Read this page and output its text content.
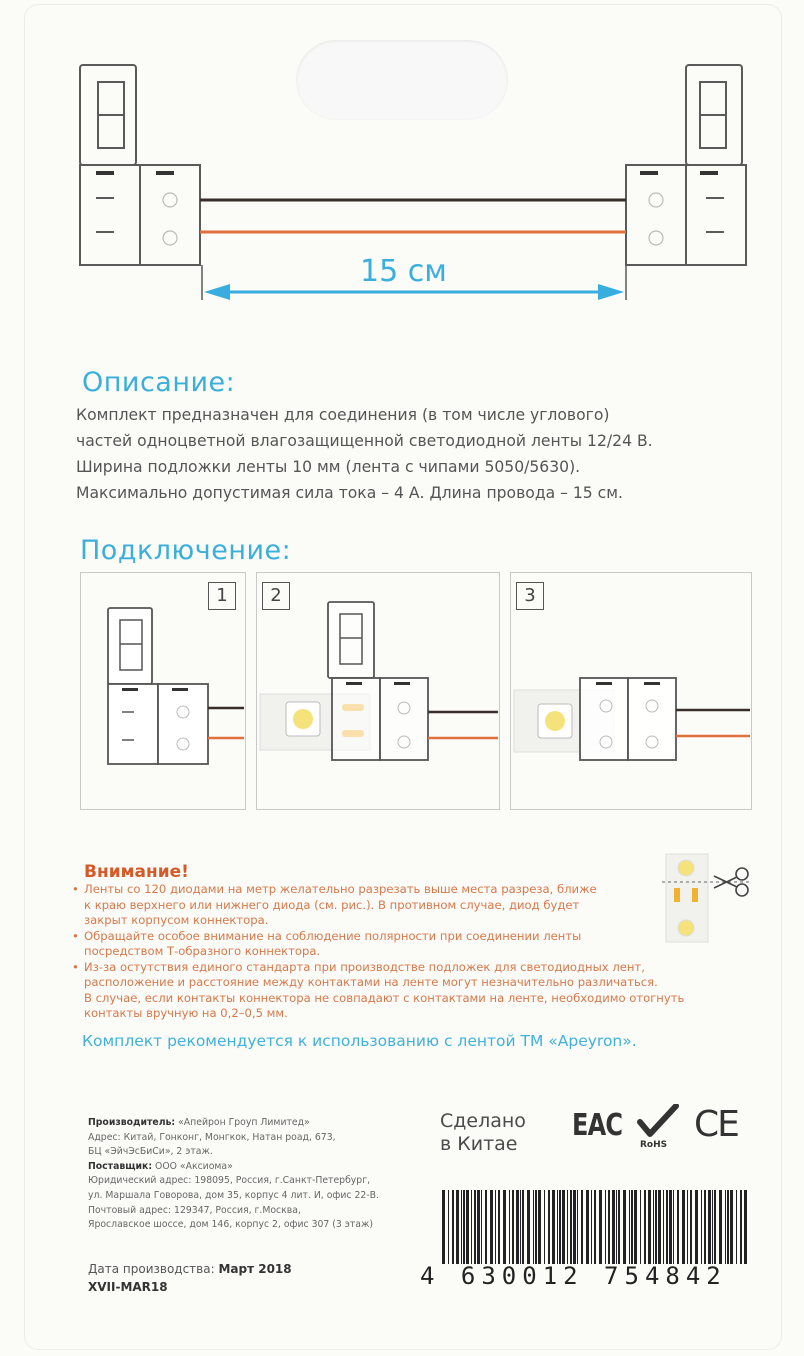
15 см
Описание:

Комплект предназначен для соединения (в том числе углового)

частей одноцветной влагозащищенной светодиодной ленты 12/24 В.

Ширина подложки ленты 10 мм (лента с чипами 5050/5630).

Максимально допустимая сила тока – 4 А. Длина провода – 15 см.

Подключение:
1	2	3
Внимание!
• Ленты со 120 диодами на метр желательно разрезать выше места разреза, ближе

к краю верхнего или нижнего диода (см. рис.). В противном случае, диод будет

закрыт корпусом коннектора.

• Обращайте особое внимание на соблюдение полярности при соединении ленты

посредством Т-образного коннектора.

• Из-за остутствия единого стандарта при производстве подложек для светодиодных лент,

расположение и расстояние между контактами на ленте могут незначительно различаться.

В случае, если контакты коннектора не совпадают с контактами на ленте, необходимо отогнуть

контакты вручную на 0,2–0,5 мм.

Комплект рекомендуется к использованию с лентой ТМ «Apeyron».
Производитель: «Апейрон Гроуп Лимитед»
Адрес: Китай, Гонконг, Монгкок, Натан роад, 673,
БЦ «ЭйчЭсБиСи», 2 этаж.
Поставщик: ООО «Аксиома»
Юридический адрес: 198095, Россия, г.Санкт-Петербург,
ул. Маршала Говорова, дом 35, корпус 4 лит. И, офис 22-В.
Почтовый адрес: 129347, Россия, г.Москва,
Ярославское шоссе, дом 146, корпус 2, офис 307 (3 этаж)
Дата производства: Март 2018
XVII-MAR18
Сделано
в Китае
ЕAC
RoHS CE
4 630012 754842
